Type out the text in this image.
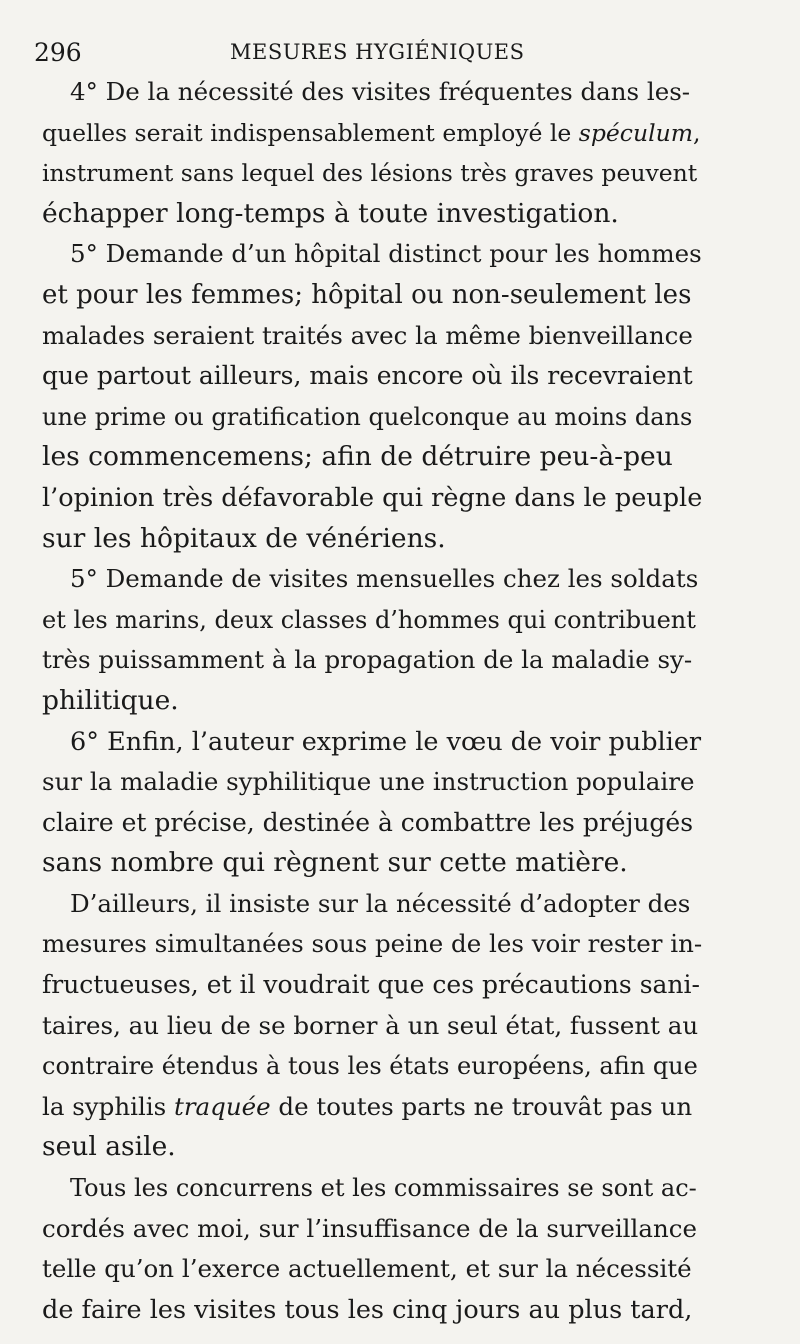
296	MESURES HYGIÉNIQUES
4° De la nécessité des visites fréquentes dans les-
quelles serait indispensablement employé le spéculum,
instrument sans lequel des lésions très graves peuvent
échapper long-temps à toute investigation.
5° Demande d’un hôpital distinct pour les hommes
et pour les femmes; hôpital ou non-seulement les
malades seraient traités avec la même bienveillance
que partout ailleurs, mais encore où ils recevraient
une prime ou gratification quelconque au moins dans
les commencemens; afin de détruire peu-à-peu
l’opinion très défavorable qui règne dans le peuple
sur les hôpitaux de vénériens.
5° Demande de visites mensuelles chez les soldats
et les marins, deux classes d’hommes qui contribuent
très puissamment à la propagation de la maladie sy-
philitique.
6° Enfin, l’auteur exprime le vœu de voir publier
sur la maladie syphilitique une instruction populaire
claire et précise, destinée à combattre les préjugés
sans nombre qui règnent sur cette matière.
D’ailleurs, il insiste sur la nécessité d’adopter des
mesures simultanées sous peine de les voir rester in-
fructueuses, et il voudrait que ces précautions sani-
taires, au lieu de se borner à un seul état, fussent au
contraire étendus à tous les états européens, afin que
la syphilis traquée de toutes parts ne trouvât pas un
seul asile.
Tous les concurrens et les commissaires se sont ac-
cordés avec moi, sur l’insuffisance de la surveillance
telle qu’on l’exerce actuellement, et sur la nécessité
de faire les visites tous les cinq jours au plus tard,
